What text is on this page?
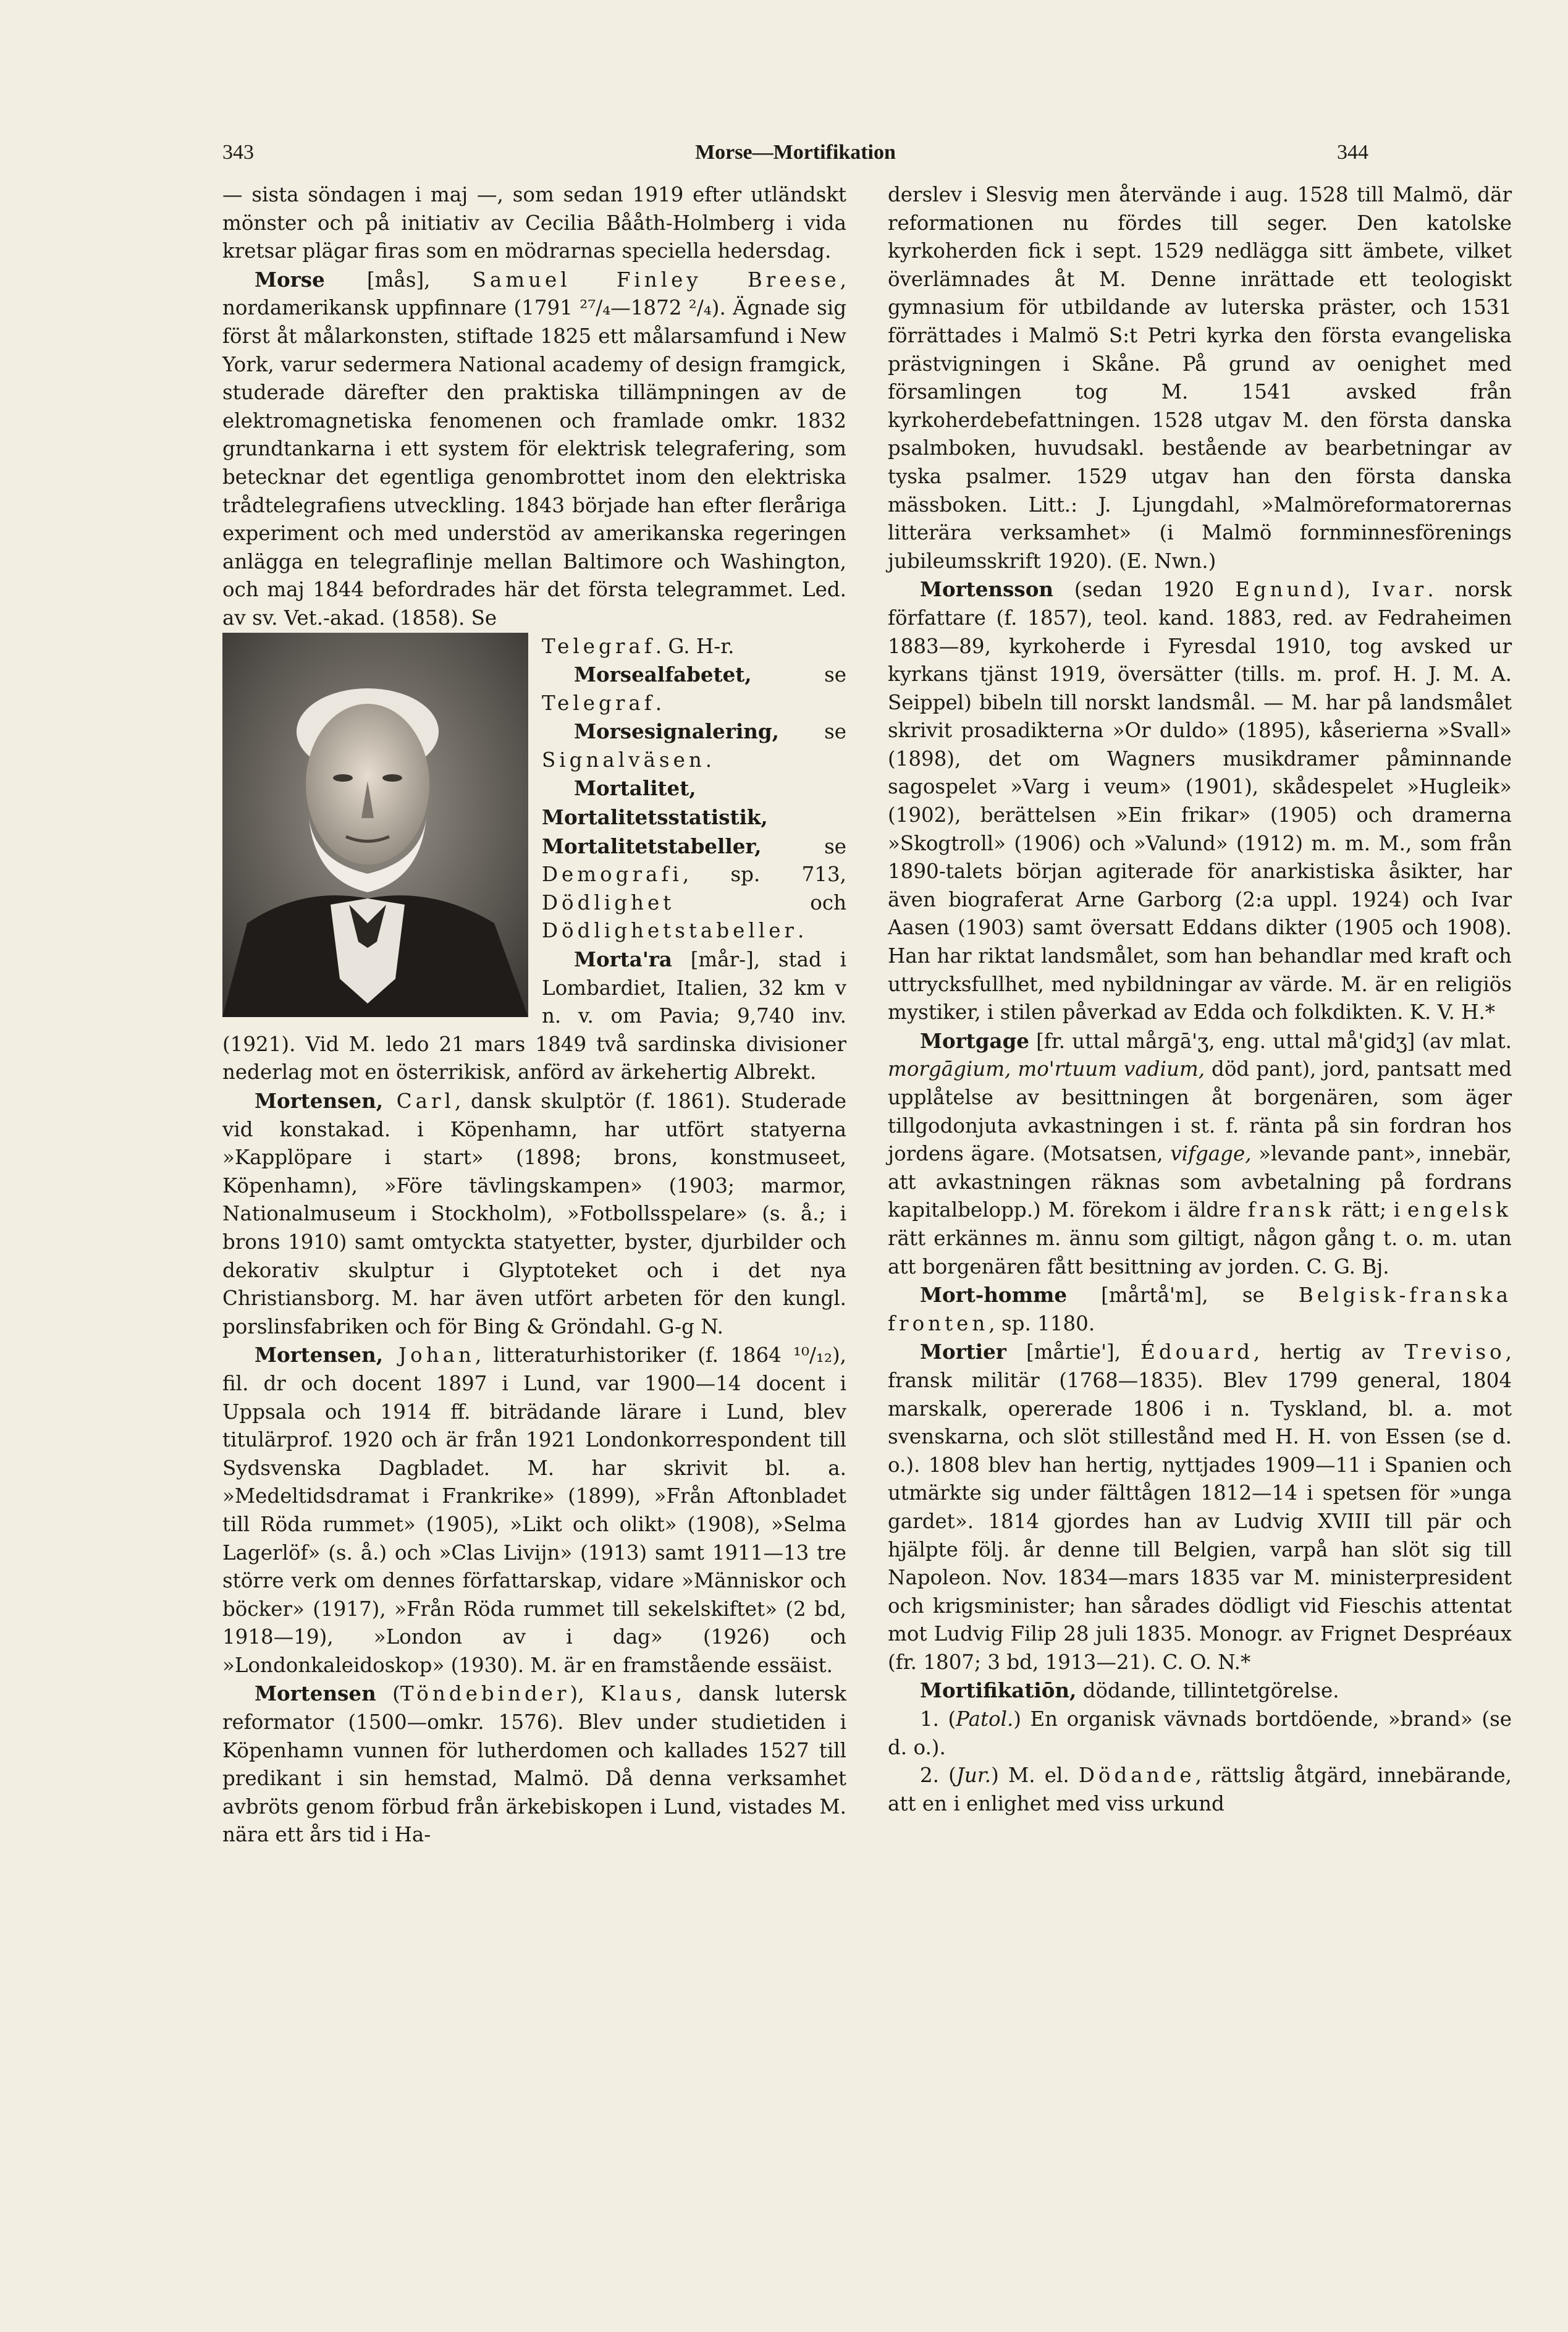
343	Morse—Mortifikation	344

— sista söndagen i maj —, som sedan 1919 efter utländskt mönster och på initiativ av Cecilia Bååth-Holmberg i vida kretsar plägar firas som en mödrarnas speciella hedersdag.

Morse [mås], Samuel Finley Breese, nordamerikansk uppfinnare (1791 ²⁷/₄—1872 ²/₄). Ägnade sig först åt målarkonsten, stiftade 1825 ett målarsamfund i New York, varur sedermera National academy of design framgick, studerade därefter den praktiska tillämpningen av de elektromagnetiska fenomenen och framlade omkr. 1832 grundtankarna i ett system för elektrisk telegrafering, som betecknar det egentliga genombrottet inom den elektriska trådtelegrafiens utveckling. 1843 började han efter fleråriga experiment och med understöd av amerikanska regeringen anlägga en telegraflinje mellan Baltimore och Washington, och maj 1844 befordrades här det första telegrammet. Led. av sv. Vet.-akad. (1858). Se

Telegraf. G. H-r.

Morsealfabetet, se Telegraf.

Morsesignalering, se Signalväsen.

Mortalitet, Mortalitetsstatistik, Mortalitetstabeller, se Demografi, sp. 713, Dödlighet och Dödlighetstabeller.

Morta'ra [mår-], stad i Lombardiet, Italien, 32 km v n. v. om Pavia; 9,740 inv. (1921). Vid M. ledo 21 mars 1849 två sardinska divisioner nederlag mot en österrikisk, anförd av ärkehertig Albrekt.

Mortensen, Carl, dansk skulptör (f. 1861). Studerade vid konstakad. i Köpenhamn, har utfört statyerna »Kapplöpare i start» (1898; brons, konstmuseet, Köpenhamn), »Före tävlingskampen» (1903; marmor, Nationalmuseum i Stockholm), »Fotbollsspelare» (s. å.; i brons 1910) samt omtyckta statyetter, byster, djurbilder och dekorativ skulptur i Glyptoteket och i det nya Christiansborg. M. har även utfört arbeten för den kungl. porslinsfabriken och för Bing & Gröndahl. G-g N.

Mortensen, Johan, litteraturhistoriker (f. 1864 ¹⁰/₁₂), fil. dr och docent 1897 i Lund, var 1900—14 docent i Uppsala och 1914 ff. biträdande lärare i Lund, blev titulärprof. 1920 och är från 1921 Londonkorrespondent till Sydsvenska Dagbladet. M. har skrivit bl. a. »Medeltidsdramat i Frankrike» (1899), »Från Aftonbladet till Röda rummet» (1905), »Likt och olikt» (1908), »Selma Lagerlöf» (s. å.) och »Clas Livijn» (1913) samt 1911—13 tre större verk om dennes författarskap, vidare »Människor och böcker» (1917), »Från Röda rummet till sekelskiftet» (2 bd, 1918—19), »London av i dag» (1926) och »Londonkaleidoskop» (1930). M. är en framstående essäist.

Mortensen (Töndebinder), Klaus, dansk lutersk reformator (1500—omkr. 1576). Blev under studietiden i Köpenhamn vunnen för lutherdomen och kallades 1527 till predikant i sin hemstad, Malmö. Då denna verksamhet avbröts genom förbud från ärkebiskopen i Lund, vistades M. nära ett års tid i Ha-

derslev i Slesvig men återvände i aug. 1528 till Malmö, där reformationen nu fördes till seger. Den katolske kyrkoherden fick i sept. 1529 nedlägga sitt ämbete, vilket överlämnades åt M. Denne inrättade ett teologiskt gymnasium för utbildande av luterska präster, och 1531 förrättades i Malmö S:t Petri kyrka den första evangeliska prästvigningen i Skåne. På grund av oenighet med församlingen tog M. 1541 avsked från kyrkoherdebefattningen. 1528 utgav M. den första danska psalmboken, huvudsakl. bestående av bearbetningar av tyska psalmer. 1529 utgav han den första danska mässboken. Litt.: J. Ljungdahl, »Malmöreformatorernas litterära verksamhet» (i Malmö fornminnesförenings jubileumsskrift 1920). (E. Nwn.)

Mortensson (sedan 1920 Egnund), Ivar. norsk författare (f. 1857), teol. kand. 1883, red. av Fedraheimen 1883—89, kyrkoherde i Fyresdal 1910, tog avsked ur kyrkans tjänst 1919, översätter (tills. m. prof. H. J. M. A. Seippel) bibeln till norskt landsmål. — M. har på landsmålet skrivit prosadikterna »Or duldo» (1895), kåserierna »Svall» (1898), det om Wagners musikdramer påminnande sagospelet »Varg i veum» (1901), skådespelet »Hugleik» (1902), berättelsen »Ein frikar» (1905) och dramerna »Skogtroll» (1906) och »Valund» (1912) m. m. M., som från 1890-talets början agiterade för anarkistiska åsikter, har även biograferat Arne Garborg (2:a uppl. 1924) och Ivar Aasen (1903) samt översatt Eddans dikter (1905 och 1908). Han har riktat landsmålet, som han behandlar med kraft och uttrycksfullhet, med nybildningar av värde. M. är en religiös mystiker, i stilen påverkad av Edda och folkdikten. K. V. H.*

Mortgage [fr. uttal mårgā'ʒ, eng. uttal må'gidʒ] (av mlat. morgāgium, mo'rtuum vadium, död pant), jord, pantsatt med upplåtelse av besittningen åt borgenären, som äger tillgodonjuta avkastningen i st. f. ränta på sin fordran hos jordens ägare. (Motsatsen, vifgage, »levande pant», innebär, att avkastningen räknas som avbetalning på fordrans kapitalbelopp.) M. förekom i äldre fransk rätt; i engelsk rätt erkännes m. ännu som giltigt, någon gång t. o. m. utan att borgenären fått besittning av jorden. C. G. Bj.

Mort-homme [mårtå'm], se Belgisk-franska fronten, sp. 1180.

Mortier [mårtie'], Édouard, hertig av Treviso, fransk militär (1768—1835). Blev 1799 general, 1804 marskalk, opererade 1806 i n. Tyskland, bl. a. mot svenskarna, och slöt stillestånd med H. H. von Essen (se d. o.). 1808 blev han hertig, nyttjades 1909—11 i Spanien och utmärkte sig under fälttågen 1812—14 i spetsen för »unga gardet». 1814 gjordes han av Ludvig XVIII till pär och hjälpte följ. år denne till Belgien, varpå han slöt sig till Napoleon. Nov. 1834—mars 1835 var M. ministerpresident och krigsminister; han sårades dödligt vid Fieschis attentat mot Ludvig Filip 28 juli 1835. Monogr. av Frignet Despréaux (fr. 1807; 3 bd, 1913—21). C. O. N.*

Mortifikatiōn, dödande, tillintetgörelse.

1. (Patol.) En organisk vävnads bortdöende, »brand» (se d. o.).

2. (Jur.) M. el. Dödande, rättslig åtgärd, innebärande, att en i enlighet med viss urkund
